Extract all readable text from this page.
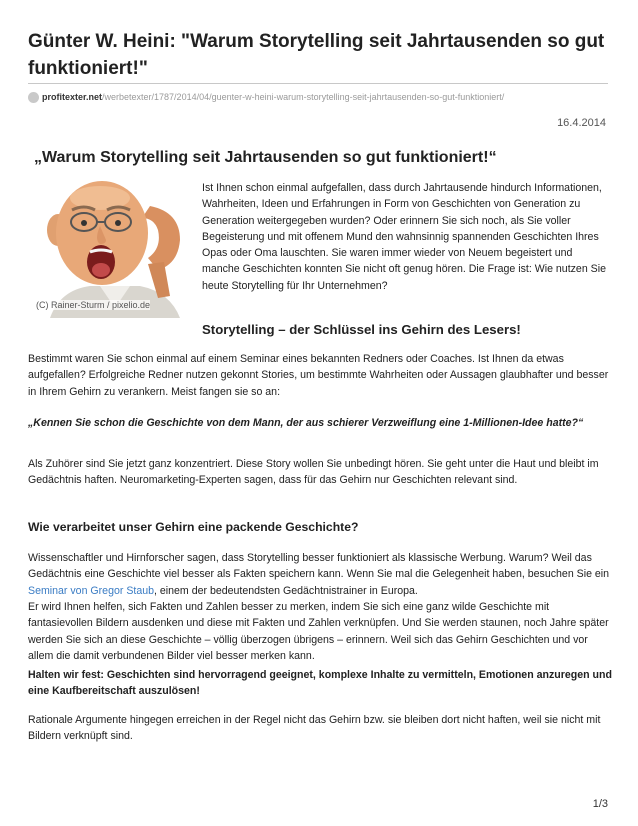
Günter W. Heini: "Warum Storytelling seit Jahrtausenden so gut funktioniert!"
profitexter.net /werbetexter/1787/2014/04/guenter-w-heini-warum-storytelling-seit-jahrtausenden-so-gut-funktioniert/
16.4.2014
„Warum Storytelling seit Jahrtausenden so gut funktioniert!“
(C) Rainer-Sturm / pixelio.de

Ist Ihnen schon einmal aufgefallen, dass durch Jahrtausende hindurch Informationen, Wahrheiten, Ideen und Erfahrungen in Form von Geschichten von Generation zu Generation weitergegeben wurden? Oder erinnern Sie sich noch, als Sie voller Begeisterung und mit offenem Mund den wahnsinnig spannenden Geschichten Ihres Opas oder Oma lauschten. Sie waren immer wieder von Neuem begeistert und manche Geschichten konnten Sie nicht oft genug hören. Die Frage ist: Wie nutzen Sie heute Storytelling für Ihr Unternehmen?

Storytelling – der Schlüssel ins Gehirn des Lesers!

Bestimmt waren Sie schon einmal auf einem Seminar eines bekannten Redners oder Coaches. Ist Ihnen da etwas aufgefallen? Erfolgreiche Redner nutzen gekonnt Stories, um bestimmte Wahrheiten oder Aussagen glaubhafter und besser in Ihrem Gehirn zu verankern. Meist fangen sie so an:

„Kennen Sie schon die Geschichte von dem Mann, der aus schierer Verzweiflung eine 1-Millionen-Idee hatte?“

Als Zuhörer sind Sie jetzt ganz konzentriert. Diese Story wollen Sie unbedingt hören. Sie geht unter die Haut und bleibt im Gedächtnis haften. Neuromarketing-Experten sagen, dass für das Gehirn nur Geschichten relevant sind.

Wie verarbeitet unser Gehirn eine packende Geschichte?

Wissenschaftler und Hirnforscher sagen, dass Storytelling besser funktioniert als klassische Werbung. Warum? Weil das Gedächtnis eine Geschichte viel besser als Fakten speichern kann. Wenn Sie mal die Gelegenheit haben, besuchen Sie ein Seminar von Gregor Staub, einem der bedeutendsten Gedächtnistrainer in Europa.

Er wird Ihnen helfen, sich Fakten und Zahlen besser zu merken, indem Sie sich eine ganz wilde Geschichte mit fantasievollen Bildern ausdenken und diese mit Fakten und Zahlen verknüpfen. Und Sie werden staunen, noch Jahre später werden Sie sich an diese Geschichte – völlig überzogen übrigens – erinnern. Weil sich das Gehirn Geschichten und vor allem die damit verbundenen Bilder viel besser merken kann.

Halten wir fest: Geschichten sind hervorragend geeignet, komplexe Inhalte zu vermitteln, Emotionen anzuregen und eine Kaufbereitschaft auszulösen!

Rationale Argumente hingegen erreichen in der Regel nicht das Gehirn bzw. sie bleiben dort nicht haften, weil sie nicht mit Bildern verknüpft sind.

1/3
